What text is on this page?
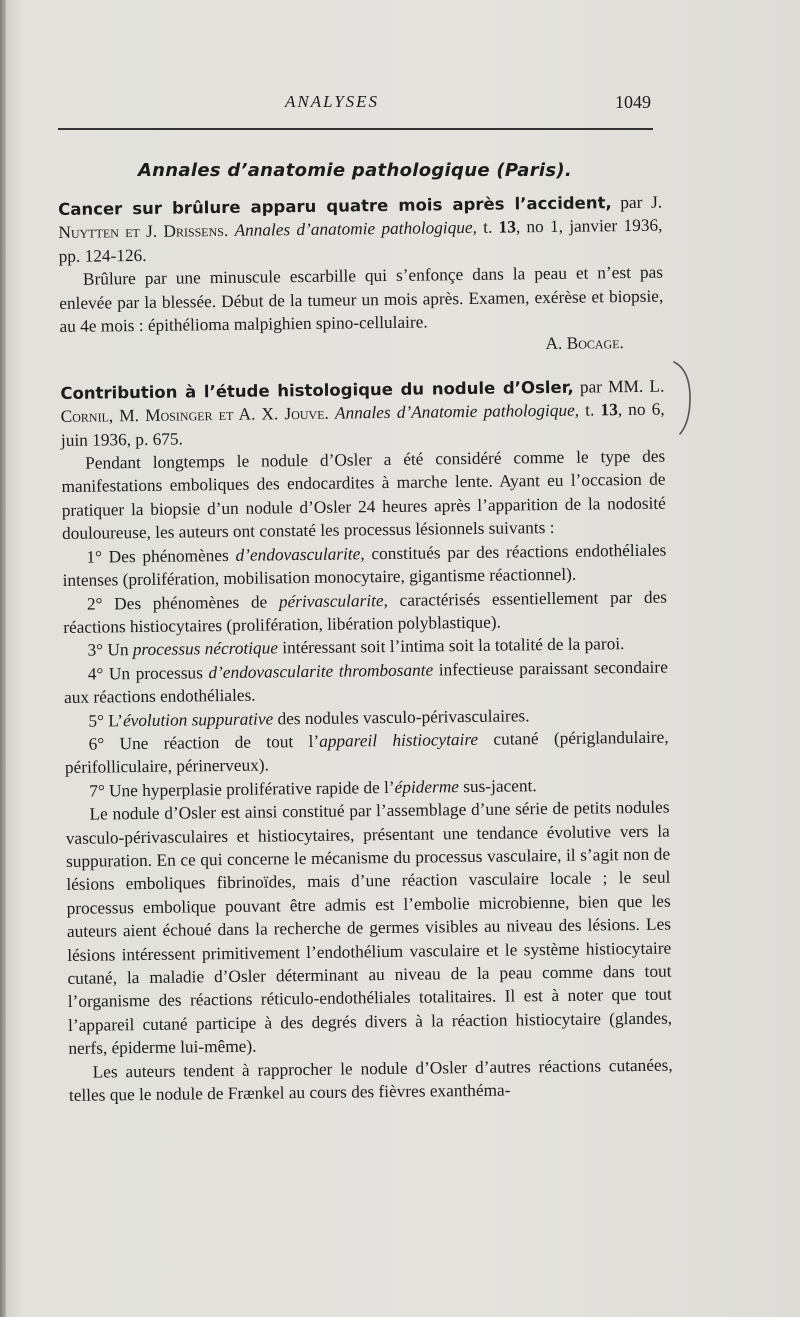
ANALYSES	1049
Annales d’anatomie pathologique (Paris).

Cancer sur brûlure apparu quatre mois après l’accident, par J. Nuytten et J. Drissens. Annales d’anatomie pathologique, t. 13, no 1, janvier 1936, pp. 124-126.

Brûlure par une minuscule escarbille qui s’enfonçe dans la peau et n’est pas enlevée par la blessée. Début de la tumeur un mois après. Examen, exérèse et biopsie, au 4e mois : épithélioma malpighien spino-cellulaire.

A. Bocage.

Contribution à l’étude histologique du nodule d’Osler, par MM. L. Cornil, M. Mosinger et A. X. Jouve. Annales d’Anatomie pathologique, t. 13, no 6, juin 1936, p. 675.

Pendant longtemps le nodule d’Osler a été considéré comme le type des manifestations emboliques des endocardites à marche lente. Ayant eu l’occasion de pratiquer la biopsie d’un nodule d’Osler 24 heures après l’apparition de la nodosité douloureuse, les auteurs ont constaté les processus lésionnels suivants :

1° Des phénomènes d’endovascularite, constitués par des réactions endothéliales intenses (prolifération, mobilisation monocytaire, gigantisme réactionnel).

2° Des phénomènes de périvascularite, caractérisés essentiellement par des réactions histiocytaires (prolifération, libération polyblastique).

3° Un processus nécrotique intéressant soit l’intima soit la totalité de la paroi.

4° Un processus d’endovascularite thrombosante infectieuse paraissant secondaire aux réactions endothéliales.

5° L’évolution suppurative des nodules vasculo-périvasculaires.

6° Une réaction de tout l’appareil histiocytaire cutané (périglandulaire, périfolliculaire, périnerveux).

7° Une hyperplasie proliférative rapide de l’épiderme sus-jacent.

Le nodule d’Osler est ainsi constitué par l’assemblage d’une série de petits nodules vasculo-périvasculaires et histiocytaires, présentant une tendance évolutive vers la suppuration. En ce qui concerne le mécanisme du processus vasculaire, il s’agit non de lésions emboliques fibrinoïdes, mais d’une réaction vasculaire locale ; le seul processus embolique pouvant être admis est l’embolie microbienne, bien que les auteurs aient échoué dans la recherche de germes visibles au niveau des lésions. Les lésions intéressent primitivement l’endothélium vasculaire et le système histiocytaire cutané, la maladie d’Osler déterminant au niveau de la peau comme dans tout l’organisme des réactions réticulo-endothéliales totalitaires. Il est à noter que tout l’appareil cutané participe à des degrés divers à la réaction histiocytaire (glandes, nerfs, épiderme lui-même).

Les auteurs tendent à rapprocher le nodule d’Osler d’autres réactions cutanées, telles que le nodule de Frænkel au cours des fièvres exanthéma-
